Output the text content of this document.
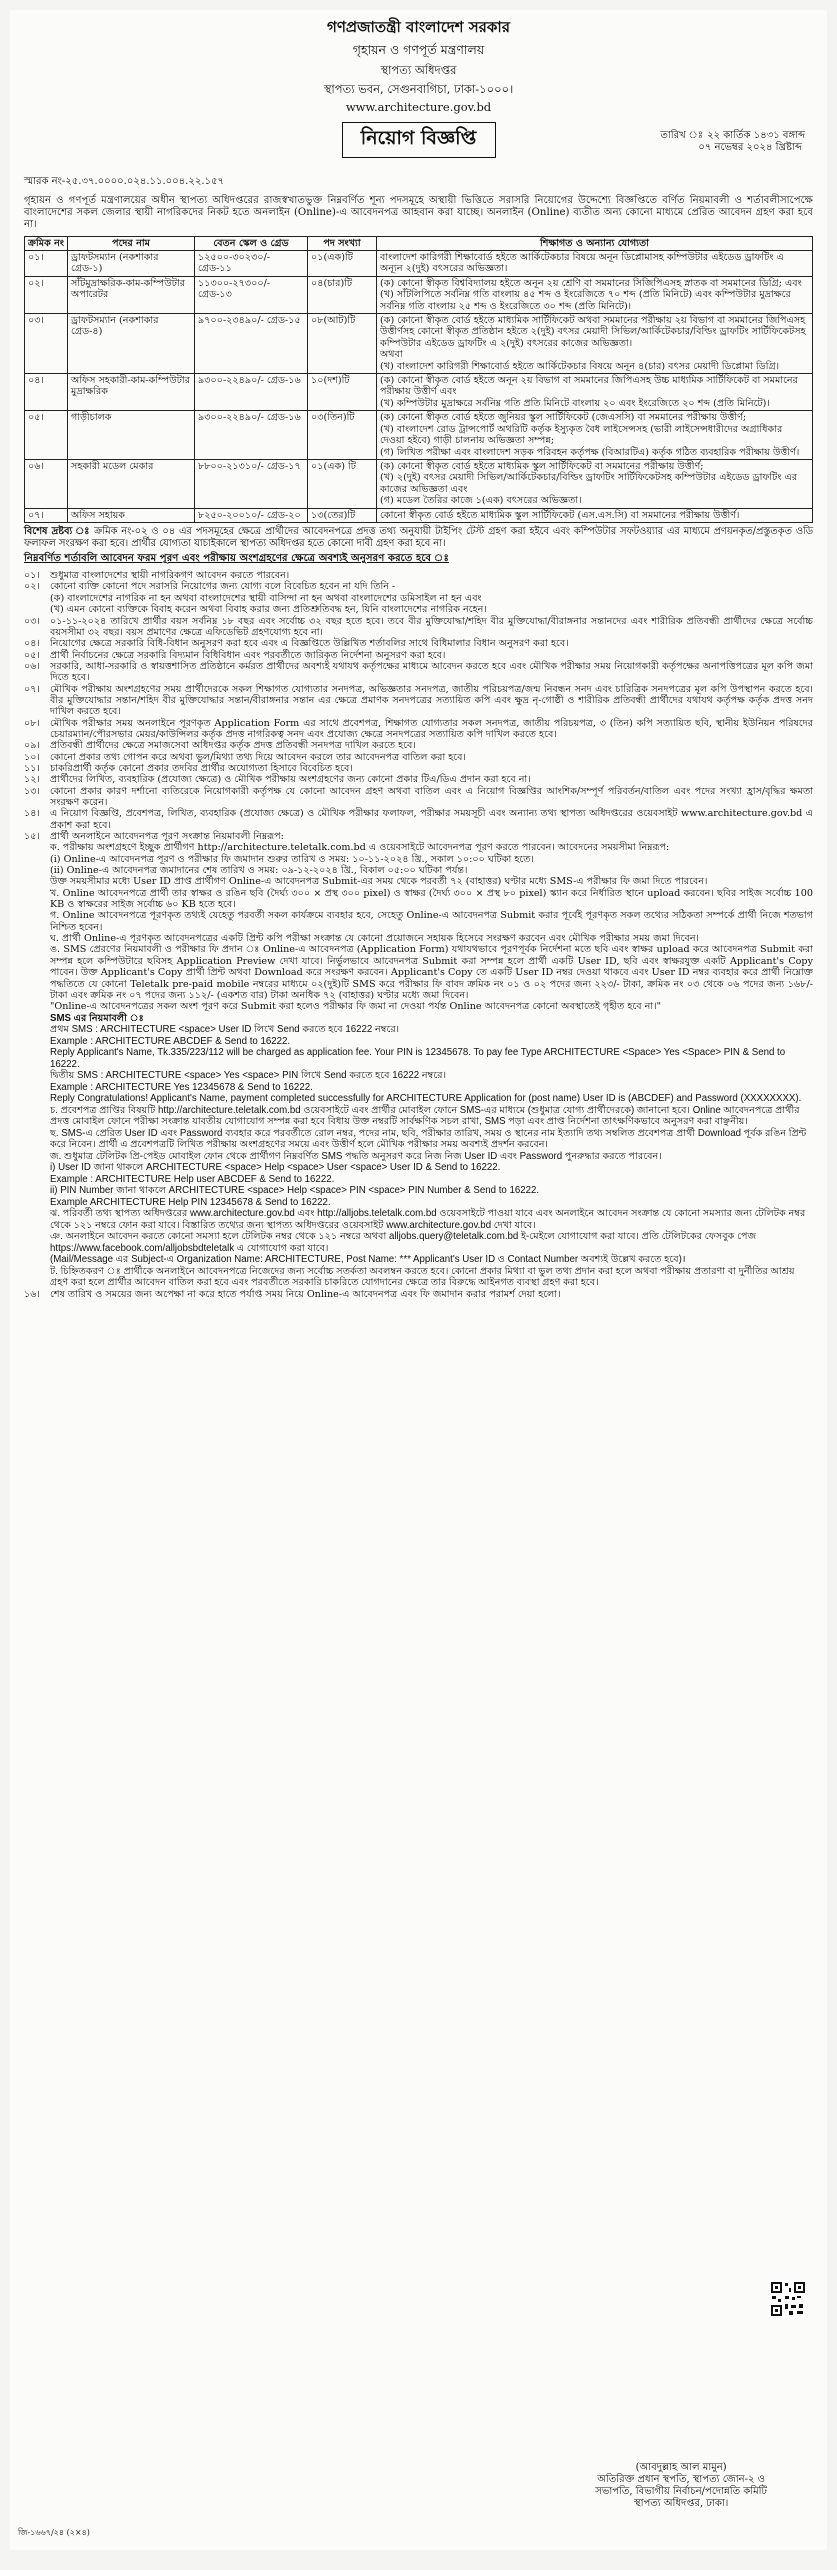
গণপ্রজাতন্ত্রী বাংলাদেশ সরকার
গৃহায়ন ও গণপূর্ত মন্ত্রণালয়
স্থাপত্য অধিদপ্তর
স্থাপত্য ভবন, সেগুনবাগিচা, ঢাকা-১০০০।
www.architecture.gov.bd
নিয়োগ বিজ্ঞপ্তি	তারিখ ঃ ২২ কার্তিক ১৪৩১ বঙ্গাব্দ
০৭ নভেম্বর ২০২৪ খ্রিষ্টাব্দ
স্মারক নং-২৫.৩৭.০০০০.০২৪.১১.০০৪.২২.১৫৭
গৃহায়ন ও গণপূর্ত মন্ত্রণালয়ের অধীন স্থাপত্য অধিদপ্তরের রাজস্বখাতভুক্ত নিম্নবর্ণিত শূন্য পদসমূহে অস্থায়ী ভিত্তিতে সরাসরি নিয়োগের উদ্দেশ্যে বিজ্ঞপ্তিতে বর্ণিত নিয়মাবলী ও শর্তাবলীসাপেক্ষে বাংলাদেশের সকল জেলার স্থায়ী নাগরিকদের নিকট হতে অনলাইন (Online)-এ আবেদনপত্র আহবান করা যাচ্ছে। অনলাইন (Online) ব্যতীত অন্য কোনো মাধ্যমে প্রেরিত আবেদন গ্রহণ করা হবে না।
ক্রমিক নং	পদের নাম	বেতন স্কেল ও গ্রেড	পদ সংখ্যা	শিক্ষাগত ও অন্যান্য যোগ্যতা
০১।	ড্রাফটসম্যান (নকশাকার গ্রেড-১)	১২৫০০-৩০২৩০/- গ্রেড-১১	০১(এক)টি	বাংলাদেশ কারিগরী শিক্ষাবোর্ড হইতে আর্কিটেকচার বিষয়ে অনূন ডিপ্লোমাসহ কম্পিউটার এইডেড ড্রাফটিং এ অন্যূন ২(দুই) বৎসরের অভিজ্ঞতা।

০২।	সাঁটমুদ্রাক্ষরিক-কাম-কম্পিউটার অপারেটর	১১৩০০-২৭৩০০/- গ্রেড-১৩	০৪(চার)টি	(ক) কোনো স্বীকৃত বিশ্ববিদ্যালয় হইতে অনূন ২য় শ্রেণি বা সমমানের সিজিপিএসহ স্নাতক বা সমমানের ডিগ্রি; এবং
(খ) সাঁটলিপিতে সর্বনিম্ন গতি বাংলায় ৪৫ শব্দ ও ইংরেজিতে ৭০ শব্দ (প্রতি মিনিটে) এবং কম্পিউটার মুদ্রাক্ষরে সর্বনিম্ন গতি বাংলায় ২৫ শব্দ ও ইংরেজিতে ৩০ শব্দ (প্রতি মিনিটে)।

০৩।	ড্রাফটসম্যান (নকশাকার গ্রেড-৪)	৯৭০০-২৩৪৯০/- গ্রেড-১৫	০৮(আট)টি	(ক) কোনো স্বীকৃত বোর্ড হইতে মাধ্যমিক সার্টিফিকেট অথবা সমমানের পরীক্ষায় ২য় বিভাগ বা সমমানের জিপিএসহ উত্তীর্ণসহ কোনো স্বীকৃত প্রতিষ্ঠান হইতে ২(দুই) বৎসর মেয়াদী সিভিল/আর্কিটেকচার/বিল্ডিং ড্রাফটিং সার্টিফিকেটসহ কম্পিউটার এইডেড ড্রাফটিং এ ২(দুই) বৎসরের কাজের অভিজ্ঞতা।
অথবা
(খ) বাংলাদেশ কারিগরী শিক্ষাবোর্ড হইতে আর্কিটেকচার বিষয়ে অনূন ৪(চার) বৎসর মেয়াদী ডিপ্লোমা ডিগ্রি।

০৪।	অফিস সহকারী-কাম-কম্পিউটার মুদ্রাক্ষরিক	৯৩০০-২২৪৯০/- গ্রেড-১৬	১০(দশ)টি	(ক) কোনো স্বীকৃত বোর্ড হইতে অনূন ২য় বিভাগ বা সমমানের জিপিএসহ উচ্চ মাধ্যমিক সার্টিফিকেট বা সমমানের পরীক্ষায় উত্তীর্ণ এবং
(খ) কম্পিউটার মুদ্রাক্ষরে সর্বনিম্ন গতি প্রতি মিনিটে বাংলায় ২০ এবং ইংরেজিতে ২০ শব্দ (প্রতি মিনিটে)।

০৫।	গাড়ীচালক	৯৩০০-২২৪৯০/- গ্রেড-১৬	০৩(তিন)টি	(ক) কোনো স্বীকৃত বোর্ড হইতে জুনিয়র স্কুল সার্টিফিকেট (জেএসসি) বা সমমানের পরীক্ষায় উত্তীর্ণ;
(খ) বাংলাদেশ রোড ট্রান্সপোর্ট অথরিটি কর্তৃক ইস্যুকৃত বৈধ লাইসেন্সসহ (ভারী লাইসেন্সধারীদের অগ্রাধিকার দেওয়া হইবে) গাড়ী চালনায় অভিজ্ঞতা সম্পন্ন;
(গ) লিখিত পরীক্ষা এবং বাংলাদেশ সড়ক পরিবহন কর্তৃপক্ষ (বিআরটিএ) কর্তৃক গঠিত ব্যবহারিক পরীক্ষায় উত্তীর্ণ।

০৬।	সহকারী মডেল মেকার	৮৮০০-২১৩১০/- গ্রেড-১৭	০১(এক) টি	(ক) কোনো স্বীকৃত বোর্ড হইতে মাধ্যমিক স্কুল সার্টিফিকেট বা সমমানের পরীক্ষায় উত্তীর্ণ;
(খ) ২(দুই) বৎসর মেয়াদী সিভিল/আর্কিটেকচার/বিল্ডিং ড্রাফটিং সার্টিফিকেটসহ কম্পিউটার এইডেড ড্রাফটিং এর কাজের অভিজ্ঞতা এবং
(গ) মডেল তৈরির কাজে ১(এক) বৎসরের অভিজ্ঞতা।

০৭।	অফিস সহায়ক	৮২৫০-২০০১০/- গ্রেড-২০	১৩(তের)টি	কোনো স্বীকৃত বোর্ড হইতে মাধ্যমিক স্কুল সার্টিফিকেট (এস.এস.সি) বা সমমানের পরীক্ষায় উত্তীর্ণ।
বিশেষ দ্রষ্টব্য ঃ ক্রমিক নং-০২ ও ০৪ এর পদসমূহের ক্ষেত্রে প্রার্থীদের আবেদনপত্রে প্রদত্ত তথ্য অনুযায়ী টাইপিং টেস্ট গ্রহণ করা হইবে এবং কম্পিউটার সফটওয়্যার এর মাধ্যমে প্রণয়নকৃত/প্রস্তুতকৃত ওডি ফলাফল সংরক্ষণ করা হবে। প্রার্থীর যোগ্যতা যাচাইকালে স্থাপত্য অধিদপ্তর হতে কোনো দাবী গ্রহণ করা হবে না।
নিম্নবর্ণিত শর্তাবলি আবেদন ফরম পূরণ এবং পরীক্ষায় অংশগ্রহণের ক্ষেত্রে অবশ্যই অনুসরণ করতে হবে ঃ
০১।	শুধুমাত্র বাংলাদেশের স্থায়ী নাগরিকগণ আবেদন করতে পারবেন।
০২।	কোনো ব্যক্তি কোনো পদে সরাসরি নিয়োগের জন্য যোগ্য বলে বিবেচিত হবেন না যদি তিনি -
(ক) বাংলাদেশের নাগরিক না হন অথবা বাংলাদেশের স্থায়ী বাসিন্দা না হন অথবা বাংলাদেশের ডমিসাইল না হন এবং
(খ) এমন কোনো ব্যক্তিকে বিবাহ করেন অথবা বিবাহ করার জন্য প্রতিশ্রুতিবদ্ধ হন, যিনি বাংলাদেশের নাগরিক নহেন।
০৩।	০১-১১-২০২৪ তারিখে প্রার্থীর বয়স সর্বনিম্ন ১৮ বছর এবং সর্বোচ্চ ৩২ বছর হতে হবে। তবে বীর মুক্তিযোদ্ধা/শহিদ বীর মুক্তিযোদ্ধা/বীরাঙ্গনার সন্তানদের এবং শারীরিক প্রতিবন্ধী প্রার্থীদের ক্ষেত্রে সর্বোচ্চ বয়সসীমা ৩২ বছর। বয়স প্রমাণের ক্ষেত্রে এফিডেভিট গ্রহণযোগ্য হবে না।
০৪।	নিয়োগের ক্ষেত্রে সরকারি বিধি-বিধান অনুসরণ করা হবে এবং এ বিজ্ঞপ্তিতে উল্লিখিত শর্তাবলির সাথে বিধিমালার বিধান অনুসরণ করা হবে।
০৫।	প্রার্থী নির্বাচনের ক্ষেত্রে সরকারি বিদ্যমান বিধিবিধান এবং পরবর্তীতে জারিকৃত নির্দেশনা অনুসরণ করা হবে।
০৬।	সরকারি, আধা-সরকারি ও স্বায়ত্তশাসিত প্রতিষ্ঠানে কর্মরত প্রার্থীদের অবশ্যই যথাযথ কর্তৃপক্ষের মাধ্যমে আবেদন করতে হবে এবং মৌখিক পরীক্ষার সময় নিয়োগকারী কর্তৃপক্ষের অনাপত্তিপত্রের মূল কপি জমা দিতে হবে।
০৭।	মৌখিক পরীক্ষায় অংশগ্রহণের সময় প্রার্থীদেরকে সকল শিক্ষাগত যোগ্যতার সনদপত্র, অভিজ্ঞতার সনদপত্র, জাতীয় পরিচয়পত্র/জন্ম নিবন্ধন সনদ এবং চারিত্রিক সনদপত্রের মূল কপি উপস্থাপন করতে হবে। বীর মুক্তিযোদ্ধার সন্তান/শহিদ বীর মুক্তিযোদ্ধার সন্তান/বীরাঙ্গনার সন্তান এর ক্ষেত্রে প্রমাণক সনদপত্রের সত্যায়িত কপি এবং ক্ষুদ্র নৃ-গোষ্ঠী ও শারীরিক প্রতিবন্ধী প্রার্থীদের যথাযথ কর্তৃপক্ষ কর্তৃক প্রদত্ত সনদ দাখিল করতে হবে।
০৮।	মৌখিক পরীক্ষার সময় অনলাইনে পূরণকৃত Application Form এর সাথে প্রবেশপত্র, শিক্ষাগত যোগ্যতার সকল সনদপত্র, জাতীয় পরিচয়পত্র, ৩ (তিন) কপি সত্যায়িত ছবি, স্থানীয় ইউনিয়ন পরিষদের চেয়ারম্যান/পৌরসভার মেয়র/কাউন্সিলর কর্তৃক প্রদত্ত নাগরিকত্ব সনদ এবং প্রযোজ্য ক্ষেত্রে সনদপত্রের সত্যায়িত কপি দাখিল করতে হবে।
০৯।	প্রতিবন্ধী প্রার্থীদের ক্ষেত্রে সমাজসেবা অধিদপ্তর কর্তৃক প্রদত্ত প্রতিবন্ধী সনদপত্র দাখিল করতে হবে।
১০।	কোনো প্রকার তথ্য গোপন করে অথবা ভুল/মিথ্যা তথ্য দিয়ে আবেদন করলে তার আবেদনপত্র বাতিল করা হবে।
১১।	চাকরিপ্রার্থী কর্তৃক কোনো প্রকার তদবির প্রার্থীর অযোগ্যতা হিসাবে বিবেচিত হবে।
১২।	প্রার্থীদের লিখিত, ব্যবহারিক (প্রযোজ্য ক্ষেত্রে) ও মৌখিক পরীক্ষায় অংশগ্রহণের জন্য কোনো প্রকার টিএ/ডিএ প্রদান করা হবে না।
১৩।	কোনো প্রকার কারণ দর্শানো ব্যতিরেকে নিয়োগকারী কর্তৃপক্ষ যে কোনো আবেদন গ্রহণ অথবা বাতিল এবং এ নিয়োগ বিজ্ঞপ্তির আংশিক/সম্পূর্ণ পরিবর্তন/বাতিল এবং পদের সংখ্যা হ্রাস/বৃদ্ধির ক্ষমতা সংরক্ষণ করেন।
১৪।	এ নিয়োগ বিজ্ঞপ্তি, প্রবেশপত্র, লিখিত, ব্যবহারিক (প্রযোজ্য ক্ষেত্রে) ও মৌখিক পরীক্ষার ফলাফল, পরীক্ষার সময়সূচী এবং অন্যান্য তথ্য স্থাপত্য অধিদপ্তরের ওয়েবসাইট www.architecture.gov.bd এ প্রকাশ করা হবে।
১৫।	প্রার্থী অনলাইনে আবেদনপত্র পূরণ সংক্রান্ত নিয়মাবলী নিম্নরূপ:
ক. পরীক্ষায় অংশগ্রহণে ইচ্ছুক প্রার্থীগণ http://architecture.teletalk.com.bd এ ওয়েবসাইটে আবেদনপত্র পূরণ করতে পারবেন। আবেদনের সময়সীমা নিম্নরূপ:
(i) Online-এ আবেদনপত্র পূরণ ও পরীক্ষার ফি জমাদান শুরুর তারিখ ও সময়: ১০-১১-২০২৪ খ্রি., সকাল ১০:০০ ঘটিকা হতে।
(ii) Online-এ আবেদনপত্র জমাদানের শেষ তারিখ ও সময়: ০৯-১২-২০২৪ খ্রি., বিকাল ০৫:০০ ঘটিকা পর্যন্ত।
উক্ত সময়সীমার মধ্যে User ID প্রাপ্ত প্রার্থীগণ Online-এ আবেদনপত্র Submit-এর সময় থেকে পরবর্তী ৭২ (বাহাত্তর) ঘণ্টার মধ্যে SMS-এ পরীক্ষার ফি জমা দিতে পারবেন।
খ. Online আবেদনপত্রে প্রার্থী তার স্বাক্ষর ও রঙিন ছবি (দৈর্ঘ্য ৩০০ × প্রস্থ ৩০০ pixel) ও স্বাক্ষর (দৈর্ঘ্য ৩০০ × প্রস্থ ৮০ pixel) স্ক্যান করে নির্ধারিত স্থানে upload করবেন। ছবির সাইজ সর্বোচ্চ 100 KB ও স্বাক্ষরের সাইজ সর্বোচ্চ ৬০ KB হতে হবে।
গ. Online আবেদনপত্রে পূরণকৃত তথ্যই যেহেতু পরবর্তী সকল কার্যক্রমে ব্যবহার হবে, সেহেতু Online-এ আবেদনপত্র Submit করার পূর্বেই পূরণকৃত সকল তথ্যের সঠিকতা সম্পর্কে প্রার্থী নিজে শতভাগ নিশ্চিত হবেন।
ঘ. প্রার্থী Online-এ পূরণকৃত আবেদনপত্রের একটি প্রিন্ট কপি পরীক্ষা সংক্রান্ত যে কোনো প্রয়োজনে সহায়ক হিসেবে সংরক্ষণ করবেন এবং মৌখিক পরীক্ষার সময় জমা দিবেন।
ঙ. SMS প্রেরণের নিয়মাবলী ও পরীক্ষার ফি প্রদান ঃ Online-এ আবেদনপত্র (Application Form) যথাযথভাবে পূরণপূর্বক নির্দেশনা মতে ছবি এবং স্বাক্ষর upload করে আবেদনপত্র Submit করা সম্পন্ন হলে কম্পিউটারে ছবিসহ Application Preview দেখা যাবে। নির্ভুলভাবে আবেদনপত্র Submit করা সম্পন্ন হলে প্রার্থী একটি User ID, ছবি এবং স্বাক্ষরযুক্ত একটি Applicant's Copy পাবেন। উক্ত Applicant's Copy প্রার্থী প্রিন্ট অথবা Download করে সংরক্ষণ করবেন। Applicant's Copy তে একটি User ID নম্বর দেওয়া থাকবে এবং User ID নম্বর ব্যবহার করে প্রার্থী নিম্নোক্ত পদ্ধতিতে যে কোনো Teletalk pre-paid mobile নম্বরের মাধ্যমে ০২(দুই)টি SMS করে পরীক্ষার ফি বাবদ ক্রমিক নং ০১ ও ০২ পদের জন্য ২২৩/- টাকা, ক্রমিক নং ০৩ থেকে ০৬ পদের জন্য ১৬৮/- টাকা এবং ক্রমিক নং ০৭ পদের জন্য ১১২/- (একশত বার) টাকা অনধিক ৭২ (বাহাত্তর) ঘণ্টার মধ্যে জমা দিবেন।
"Online-এ আবেদনপত্রের সকল অংশ পূরণ করে Submit করা হলেও পরীক্ষার ফি জমা না দেওয়া পর্যন্ত Online আবেদনপত্র কোনো অবস্থাতেই গৃহীত হবে না।"
SMS এর নিয়মাবলী ঃ
প্রথম SMS : ARCHITECTURE <space> User ID লিখে Send করতে হবে 16222 নম্বরে।
Example : ARCHITECTURE ABCDEF & Send to 16222.
Reply Applicant's Name, Tk.335/223/112 will be charged as application fee. Your PIN is 12345678. To pay fee Type ARCHITECTURE <Space> Yes <Space> PIN & Send to 16222.
দ্বিতীয় SMS : ARCHITECTURE <space> Yes <space> PIN লিখে Send করতে হবে 16222 নম্বরে।
Example : ARCHITECTURE Yes 12345678 & Send to 16222.
Reply Congratulations! Applicant's Name, payment completed successfully for ARCHITECTURE Application for (post name) User ID is (ABCDEF) and Password (XXXXXXXX).
চ. প্রবেশপত্র প্রাপ্তির বিষয়টি http://architecture.teletalk.com.bd ওয়েবসাইটে এবং প্রার্থীর মোবাইল ফোনে SMS-এর মাধ্যমে (শুধুমাত্র যোগ্য প্রার্থীদেরকে) জানানো হবে। Online আবেদনপত্রে প্রার্থীর প্রদত্ত মোবাইল ফোনে পরীক্ষা সংক্রান্ত যাবতীয় যোগাযোগ সম্পন্ন করা হবে বিধায় উক্ত নম্বরটি সার্বক্ষণিক সচল রাখা, SMS পড়া এবং প্রাপ্ত নির্দেশনা তাৎক্ষণিকভাবে অনুসরণ করা বাঞ্ছনীয়।
ছ. SMS-এ প্রেরিত User ID এবং Password ব্যবহার করে পরবর্তীতে রোল নম্বর, পদের নাম, ছবি, পরীক্ষার তারিখ, সময় ও স্থানের নাম ইত্যাদি তথ্য সম্বলিত প্রবেশপত্র প্রার্থী Download পূর্বক রঙিন প্রিন্ট করে নিবেন। প্রার্থী এ প্রবেশপত্রটি লিখিত পরীক্ষায় অংশগ্রহণের সময়ে এবং উত্তীর্ণ হলে মৌখিক পরীক্ষার সময় অবশ্যই প্রদর্শন করবেন।
জ. শুধুমাত্র টেলিটক প্রি-পেইড মোবাইল ফোন থেকে প্রার্থীগণ নিম্নবর্ণিত SMS পদ্ধতি অনুসরণ করে নিজ নিজ User ID এবং Password পুনরুদ্ধার করতে পারবেন।
i) User ID জানা থাকলে ARCHITECTURE <space> Help <space> User <space> User ID & Send to 16222.
Example : ARCHITECTURE Help user ABCDEF & Send to 16222.
ii) PIN Number জানা থাকলে ARCHITECTURE <space> Help <space> PIN <space> PIN Number & Send to 16222.
Example ARCHITECTURE Help PIN 12345678 & Send to 16222.
ঝ. পরিবর্তী তথ্য স্থাপত্য অধিদপ্তরের www.architecture.gov.bd এবং http://alljobs.teletalk.com.bd ওয়েবসাইটে পাওয়া যাবে এবং অনলাইনে আবেদন সংক্রান্ত যে কোনো সমস্যার জন্য টেলিটক নম্বর থেকে ১২১ নম্বরে ফোন করা যাবে। বিস্তারিত তথ্যের জন্য স্থাপত্য অধিদপ্তরের ওয়েবসাইট www.architecture.gov.bd দেখা যাবে।
ঞ. অনলাইনে আবেদন করতে কোনো সমস্যা হলে টেলিটক নম্বর থেকে ১২১ নম্বরে অথবা alljobs.query@teletalk.com.bd ই-মেইলে যোগাযোগ করা যাবে। প্রতি টেলিটকের ফেসবুক পেজ https://www.facebook.com/alljobsbdteletalk এ যোগাযোগ করা যাবে।
(Mail/Message এর Subject-এ Organization Name: ARCHITECTURE, Post Name: *** Applicant's User ID ও Contact Number অবশ্যই উল্লেখ করতে হবে)।
ট. চিহ্নিতকরণ ঃ প্রার্থীকে অনলাইনে আবেদনপত্রে নিজেদের জন্য সর্বোচ্চ সতর্কতা অবলম্বন করতে হবে। কোনো প্রকার মিথ্যা বা ভুল তথ্য প্রদান করা হলে অথবা পরীক্ষায় প্রতারণা বা দুর্নীতির আশ্রয় গ্রহণ করা হলে প্রার্থীর আবেদন বাতিল করা হবে এবং পরবর্তীতে সরকারি চাকরিতে যোগদানের ক্ষেত্রে তার বিরুদ্ধে আইনগত ব্যবস্থা গ্রহণ করা হবে।
১৬।	শেষ তারিখ ও সময়ের জন্য অপেক্ষা না করে হাতে পর্যাপ্ত সময় নিয়ে Online-এ আবেদনপত্র এবং ফি জমাদান করার পরামর্শ দেয়া হলো।
(আবদুল্লাহ আল মামুন)
অতিরিক্ত প্রধান স্থপতি, স্থাপত্য জোন-২ ও
সভাপতি, বিভাগীয় নির্বাচন/পদোন্নতি কমিটি
স্থাপত্য অধিদপ্তর, ঢাকা।
জি-১৬৬৭/২৪ (২×৪)
